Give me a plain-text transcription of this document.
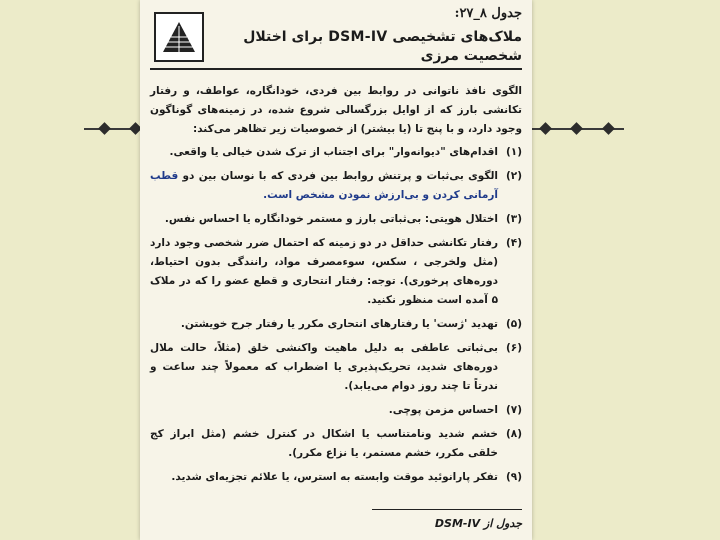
جدول ۸_۲۷:
ملاک‌های تشخیصی DSM-IV برای اختلال شخصیت مرزی
الگوی نافذ ناتوانی در روابط بین فردی، خودانگاره، عواطف، و رفتار تکانشی بارز که از اوایل بزرگسالی شروع شده، در زمینه‌های گوناگون وجود دارد، و با پنج تا (یا بیشتر) از خصوصیات زیر تظاهر می‌کند:
(۱)
اقدام‌های "دیوانه‌وار" برای اجتناب از ترک شدن خیالی یا واقعی.
(۲)
الگوی بی‌ثبات و پرتنش روابط بین فردی که با نوسان بین دو قطب آرمانی کردن و بی‌ارزش نمودن مشخص است.
(۳)
اختلال هویتی: بی‌ثباتی بارز و مستمر خودانگاره یا احساس نفس.
(۴)
رفتار تکانشی حداقل در دو زمینه که احتمال ضرر شخصی وجود دارد (مثل ولخرجی ، سکس، سوءمصرف مواد، رانندگی بدون احتیاط، دوره‌های پرخوری). توجه: رفتار انتحاری و قطع عضو را که در ملاک ۵ آمده است منظور نکنید.
(۵)
تهدید 'ژست' یا رفتارهای انتحاری مکرر یا رفتار جرح خویشتن.
(۶)
بی‌ثباتی عاطفی به دلیل ماهیت واکنشی خلق (مثلاً، حالت ملال دوره‌های شدید، تحریک‌پذیری یا اضطراب که معمولاً چند ساعت و ندرتاً تا چند روز دوام می‌یابد).
(۷)
احساس مزمن پوچی.
(۸)
خشم شدید ونامتناسب یا اشکال در کنترل خشم (مثل ابراز کج خلقی مکرر، خشم مستمر، یا نزاع مکرر).
(۹)
تفکر پارانوئید موقت وابسته به استرس، یا علائم تجزیه‌ای شدید.
جدول از DSM-IV
